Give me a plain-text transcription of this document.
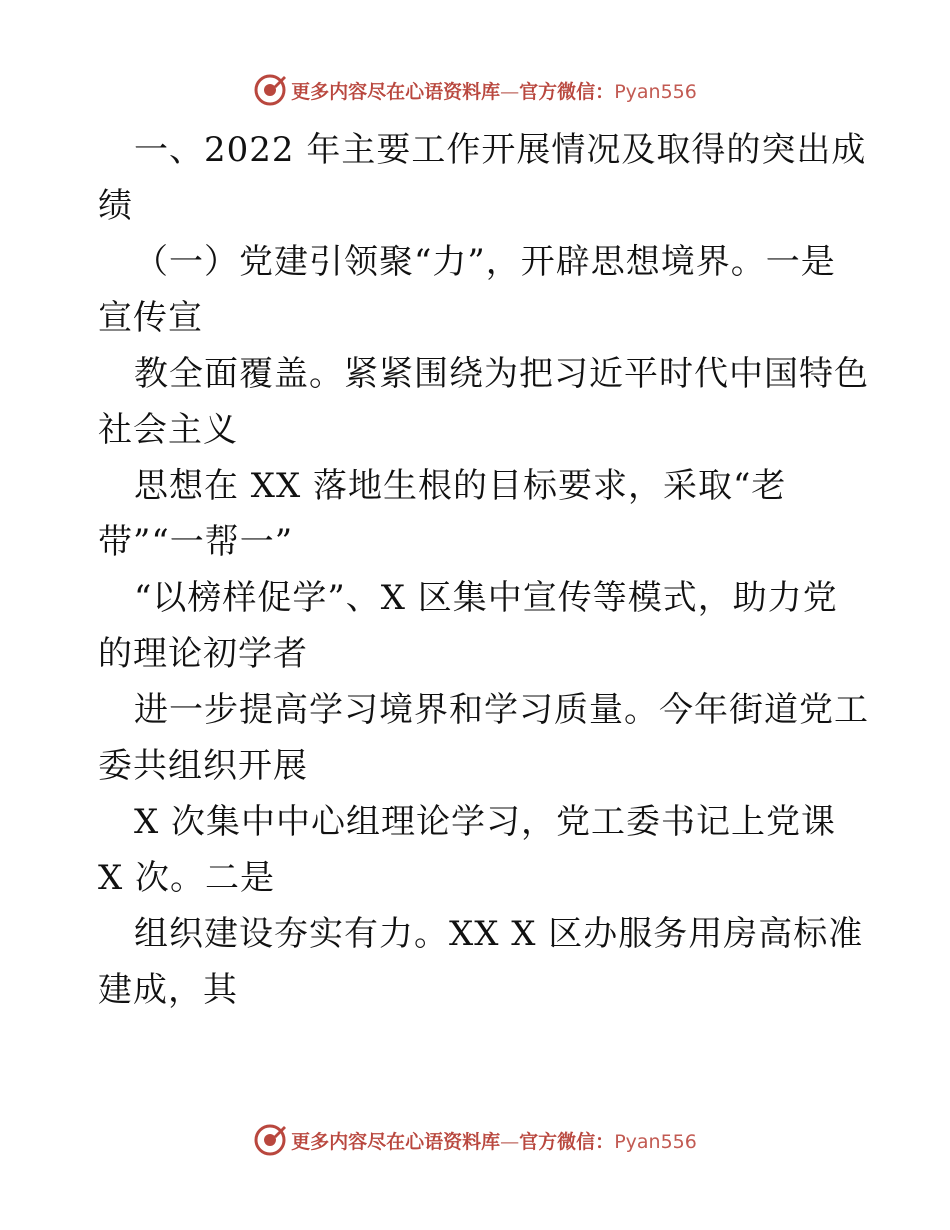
更多内容尽在心语资料库—官方微信：Pyan556
一、2022 年主要工作开展情况及取得的突出成
绩
（一）党建引领聚“力”，开辟思想境界。一是
宣传宣
教全面覆盖。紧紧围绕为把习近平时代中国特色
社会主义
思想在 XX 落地生根的目标要求，采取“老
带”“一帮一”
“以榜样促学”、X 区集中宣传等模式，助力党
的理论初学者
进一步提高学习境界和学习质量。今年街道党工
委共组织开展
X 次集中中心组理论学习，党工委书记上党课
X 次。二是
组织建设夯实有力。XX X 区办服务用房高标准
建成，其
更多内容尽在心语资料库—官方微信：Pyan556
